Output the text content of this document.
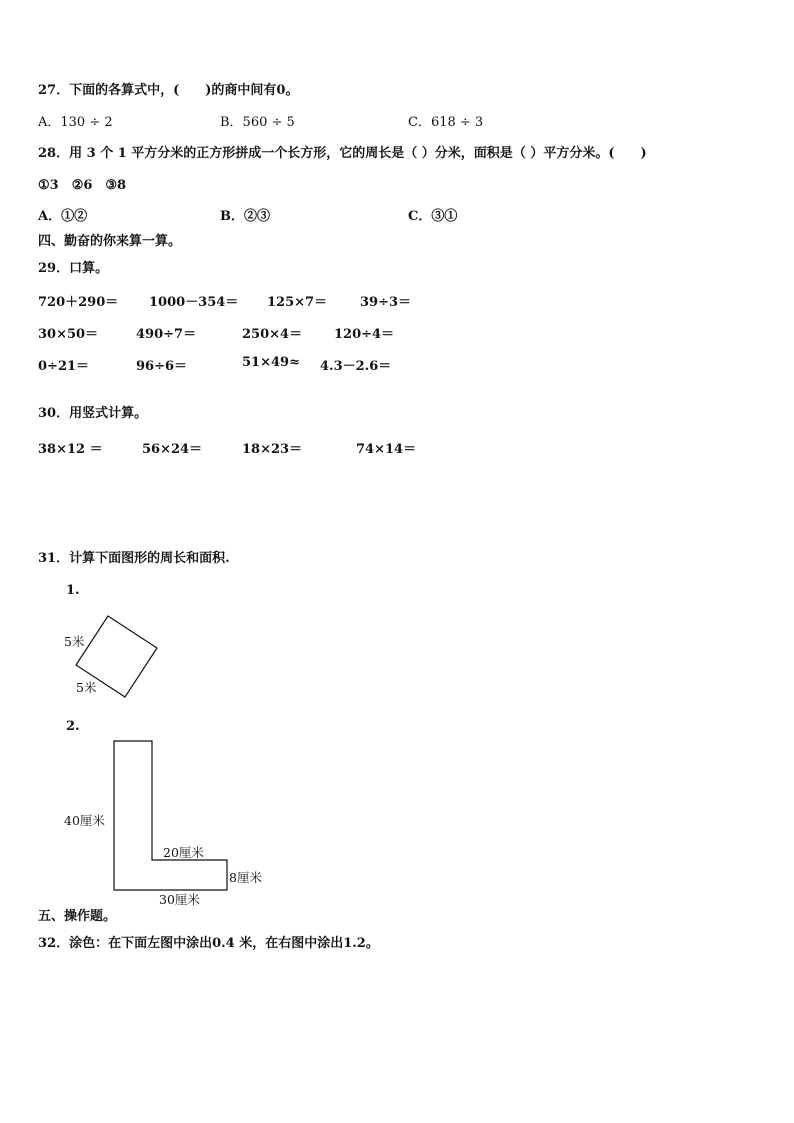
27．下面的各算式中，(　　)的商中间有0。
A．130 ÷ 2	B．560 ÷ 5	C．618 ÷ 3
28．用 3 个 1 平方分米的正方形拼成一个长方形，它的周长是（ ）分米，面积是（ ）平方分米。(　　)
①3　②6　③8
A．①②	B．②③	C．③①
四、勤奋的你来算一算。
29．口算。
720＋290＝ 1000－354＝ 125×7＝	39÷3＝
30×50＝	490÷7＝	250×4＝ 120÷4＝
0÷21＝	96÷6＝	51×49≈ 4.3－2.6＝
30．用竖式计算。
38×12 ＝	56×24＝	18×23＝	74×14＝
31．计算下面图形的周长和面积.
1.
2.
5米
5米
40厘米
20厘米
8厘米
30厘米
五、操作题。
32．涂色：在下面左图中涂出0.4 米，在右图中涂出1.2。
